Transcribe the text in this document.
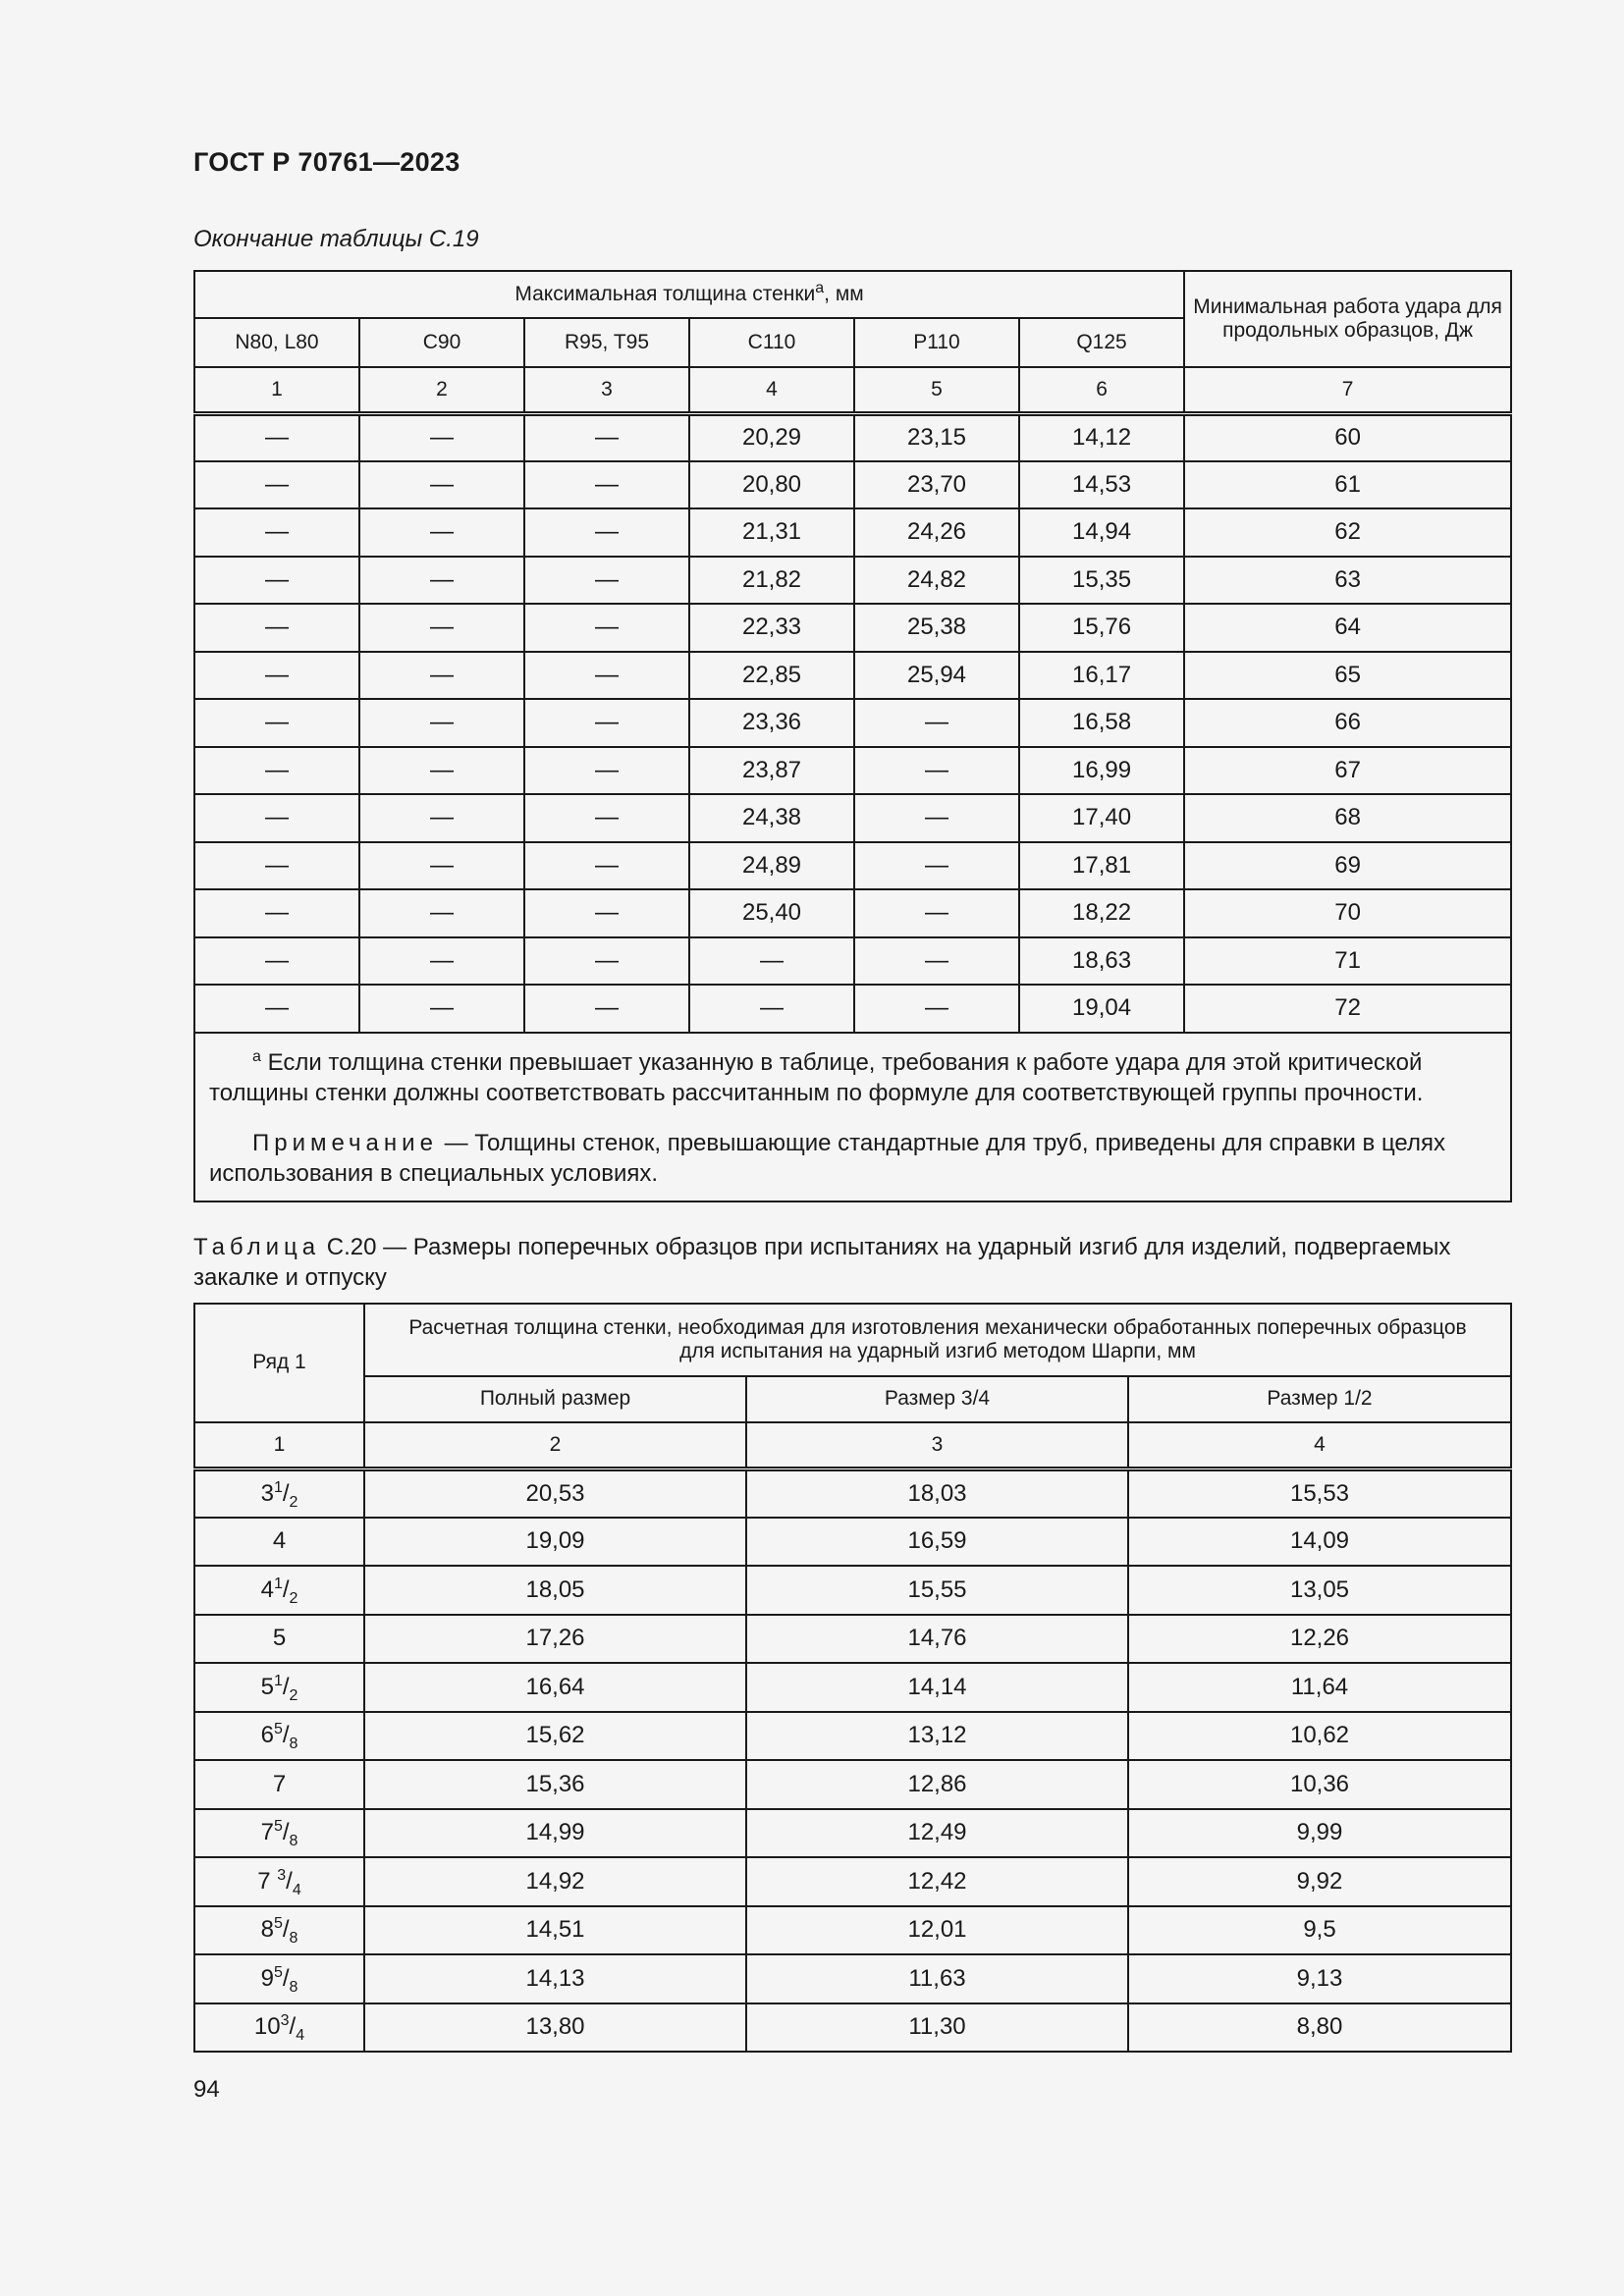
ГОСТ Р 70761—2023
Окончание таблицы С.19
Максимальная толщина стенки$^a$, мм						Минимальная работа удара для продольных образцов, Дж
N80, L80	C90	R95, T95	C110	P110	Q125	
1	2	3	4	5	6	7
—	—	—	20,29	23,15	14,12	60
—	—	—	20,80	23,70	14,53	61
—	—	—	21,31	24,26	14,94	62
—	—	—	21,82	24,82	15,35	63
—	—	—	22,33	25,38	15,76	64
—	—	—	22,85	25,94	16,17	65
—	—	—	23,36	—	16,58	66
—	—	—	23,87	—	16,99	67
—	—	—	24,38	—	17,40	68
—	—	—	24,89	—	17,81	69
—	—	—	25,40	—	18,22	70
—	—	—	—	—	18,63	71
—	—	—	—	—	19,04	72

$^a$ Если толщина стенки превышает указанную в таблице, требования к работе удара для этой критической толщины стенки должны соответствовать рассчитанным по формуле для соответствующей группы прочности.

Примечание — Толщины стенок, превышающие стандартные для труб, приведены для справки в целях использования в специальных условиях.						

Таблица С.20 — Размеры поперечных образцов при испытаниях на ударный изгиб для изделий, подвергаемых закалке и отпуску
Ряд 1	Расчетная толщина стенки, необходимая для изготовления механически обработанных поперечных образцов для испытания на ударный изгиб методом Шарпи, мм		
	Полный размер	Размер 3/4	Размер 1/2
1	2	3	4
$3^1/_2$	20,53	18,03	15,53
4	19,09	16,59	14,09
$4^1/_2$	18,05	15,55	13,05
5	17,26	14,76	12,26
$5^1/_2$	16,64	14,14	11,64
$6^5/_8$	15,62	13,12	10,62
7	15,36	12,86	10,36
$7^5/_8$	14,99	12,49	9,99
7 $^3/_4$	14,92	12,42	9,92
$8^5/_8$	14,51	12,01	9,5
$9^5/_8$	14,13	11,63	9,13
$10^3/_4$	13,80	11,30	8,80
94
